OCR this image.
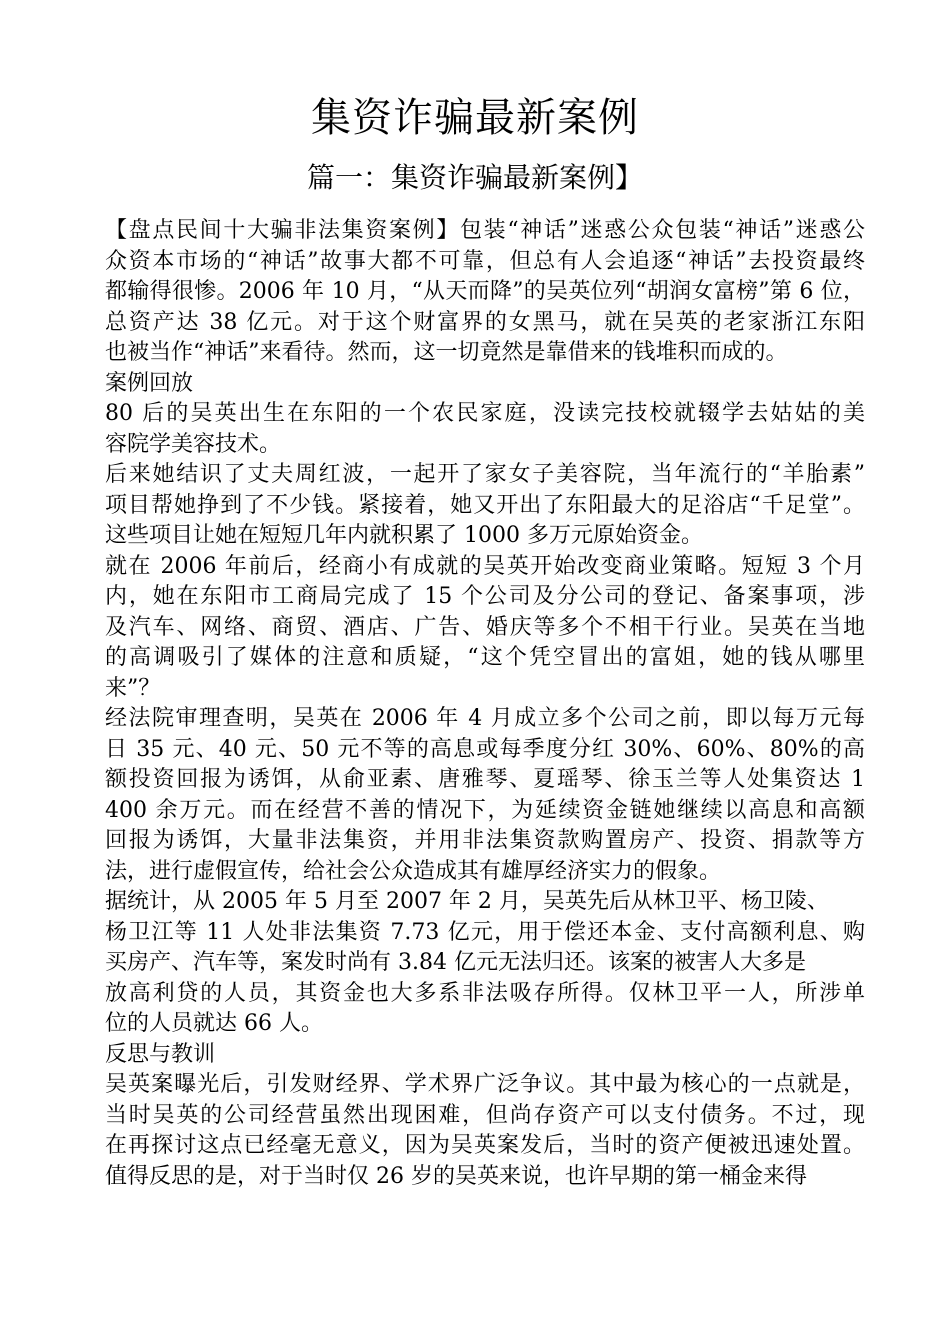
集资诈骗最新案例
篇一：集资诈骗最新案例】
【盘点民间十大骗非法集资案例】包装“神话”迷惑公众包装“神话”迷惑公
众资本市场的“神话”故事大都不可靠，但总有人会追逐“神话”去投资最终
都输得很惨。2006 年 10 月，“从天而降”的吴英位列“胡润女富榜”第 6 位，
总资产达 38 亿元。对于这个财富界的女黑马，就在吴英的老家浙江东阳
也被当作“神话”来看待。然而，这一切竟然是靠借来的钱堆积而成的。
案例回放
80 后的吴英出生在东阳的一个农民家庭，没读完技校就辍学去姑姑的美
容院学美容技术。
后来她结识了丈夫周红波，一起开了家女子美容院，当年流行的“羊胎素”
项目帮她挣到了不少钱。紧接着，她又开出了东阳最大的足浴店“千足堂”。
这些项目让她在短短几年内就积累了 1000 多万元原始资金。
就在 2006 年前后，经商小有成就的吴英开始改变商业策略。短短 3 个月
内，她在东阳市工商局完成了 15 个公司及分公司的登记、备案事项，涉
及汽车、网络、商贸、酒店、广告、婚庆等多个不相干行业。吴英在当地
的高调吸引了媒体的注意和质疑，“这个凭空冒出的富姐，她的钱从哪里
来”？
经法院审理查明，吴英在 2006 年 4 月成立多个公司之前，即以每万元每
日 35 元、40 元、50 元不等的高息或每季度分红 30%、60%、80%的高
额投资回报为诱饵，从俞亚素、唐雅琴、夏瑶琴、徐玉兰等人处集资达 1
400 余万元。而在经营不善的情况下，为延续资金链她继续以高息和高额
回报为诱饵，大量非法集资，并用非法集资款购置房产、投资、捐款等方
法，进行虚假宣传，给社会公众造成其有雄厚经济实力的假象。
据统计，从 2005 年 5 月至 2007 年 2 月，吴英先后从林卫平、杨卫陵、
杨卫江等 11 人处非法集资 7.73 亿元，用于偿还本金、支付高额利息、购
买房产、汽车等，案发时尚有 3.84 亿元无法归还。该案的被害人大多是
放高利贷的人员，其资金也大多系非法吸存所得。仅林卫平一人，所涉单
位的人员就达 66 人。
反思与教训
吴英案曝光后，引发财经界、学术界广泛争议。其中最为核心的一点就是，
当时吴英的公司经营虽然出现困难，但尚存资产可以支付债务。不过，现
在再探讨这点已经毫无意义，因为吴英案发后，当时的资产便被迅速处置。
值得反思的是，对于当时仅 26 岁的吴英来说，也许早期的第一桶金来得
